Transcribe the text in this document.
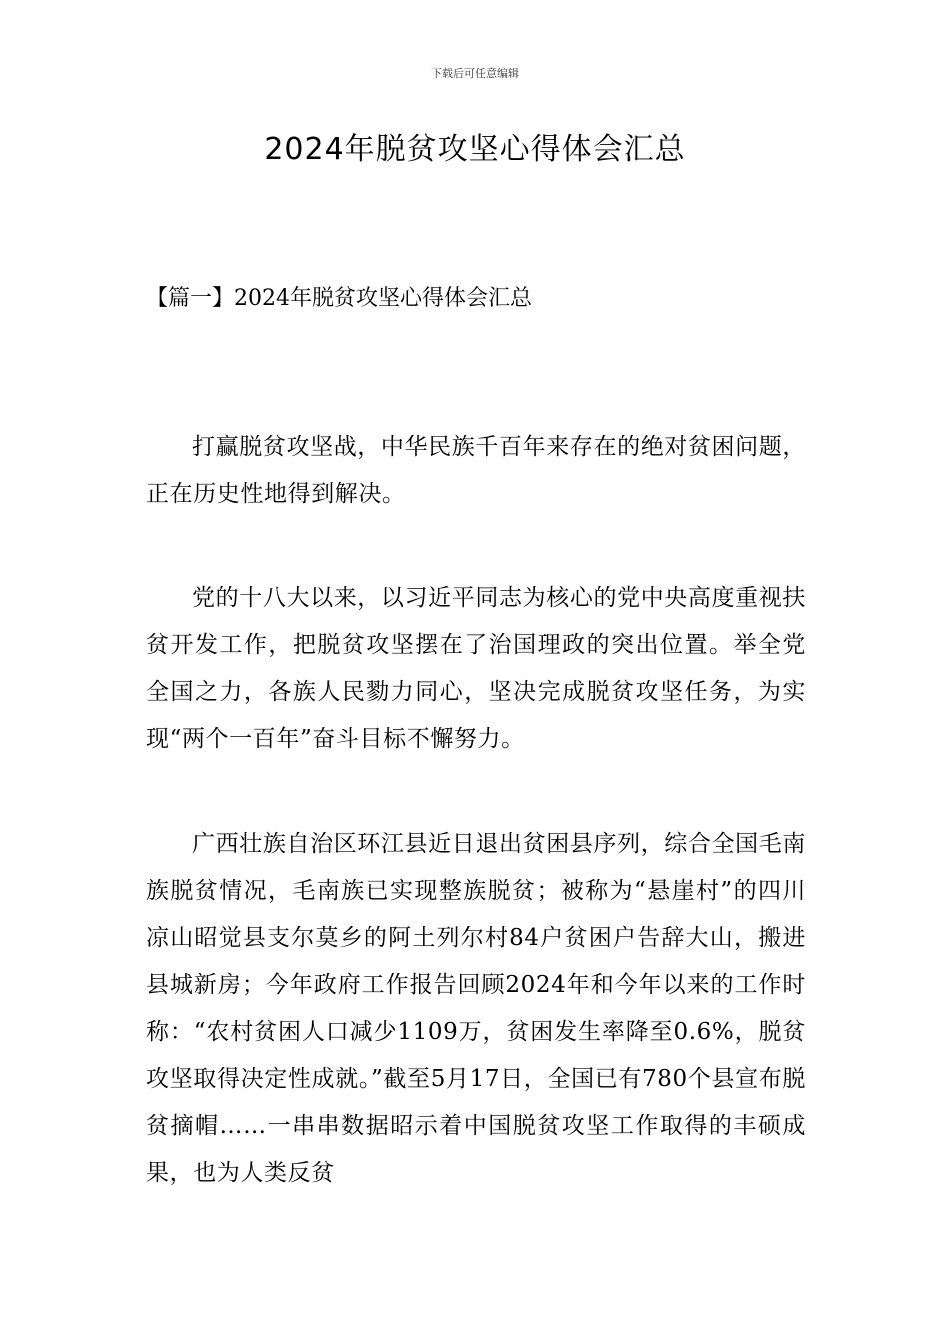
下载后可任意编辑
2024年脱贫攻坚心得体会汇总
【篇一】2024年脱贫攻坚心得体会汇总

打赢脱贫攻坚战，中华民族千百年来存在的绝对贫困问题，正在历史性地得到解决。

党的十八大以来，以习近平同志为核心的党中央高度重视扶贫开发工作，把脱贫攻坚摆在了治国理政的突出位置。举全党全国之力，各族人民勠力同心，坚决完成脱贫攻坚任务，为实现“两个一百年”奋斗目标不懈努力。

广西壮族自治区环江县近日退出贫困县序列，综合全国毛南族脱贫情况，毛南族已实现整族脱贫；被称为“悬崖村”的四川凉山昭觉县支尔莫乡的阿土列尔村84户贫困户告辞大山，搬进县城新房；今年政府工作报告回顾2024年和今年以来的工作时称：“农村贫困人口减少1109万，贫困发生率降至0.6%，脱贫攻坚取得决定性成就。”截至5月17日，全国已有780个县宣布脱贫摘帽……一串串数据昭示着中国脱贫攻坚工作取得的丰硕成果，也为人类反贫
